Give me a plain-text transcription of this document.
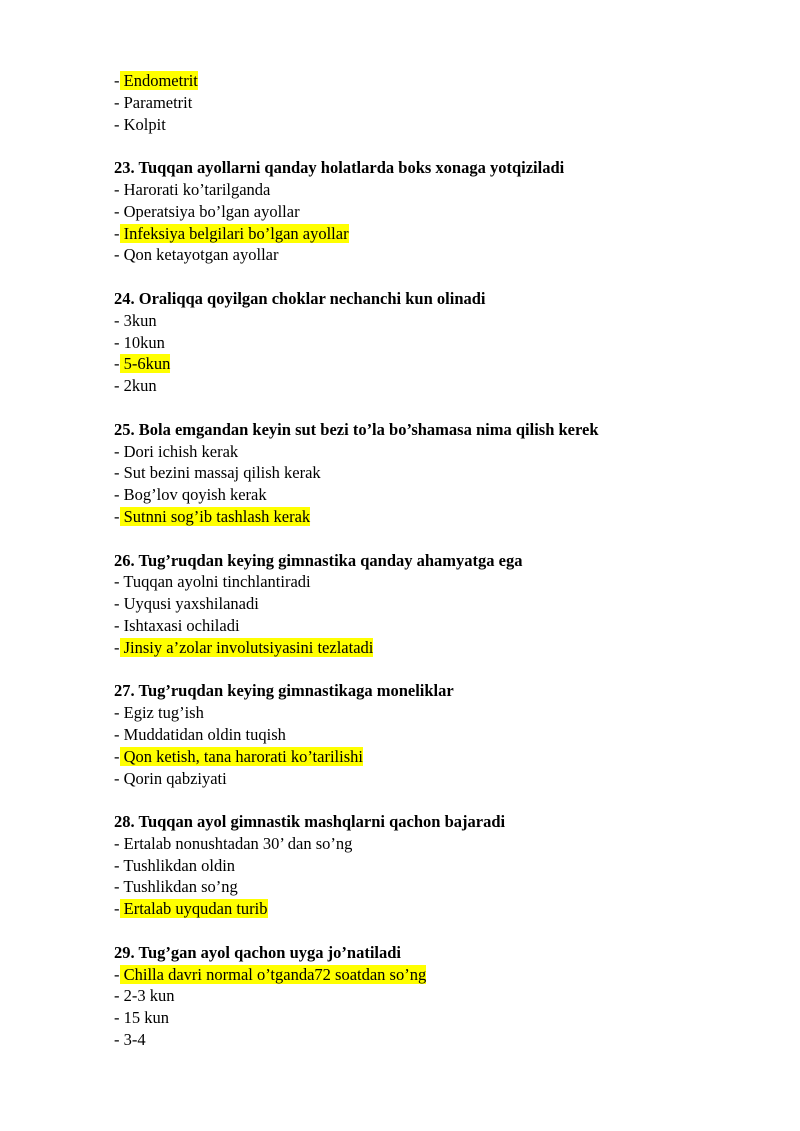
- Endometrit
- Parametrit
- Kolpit
23. Tuqqan ayollarni qanday holatlarda boks xonaga yotqiziladi
- Harorati ko’tarilganda
- Operatsiya bo’lgan ayollar
- Infeksiya belgilari bo’lgan ayollar
- Qon ketayotgan ayollar
24. Oraliqqa qoyilgan choklar nechanchi kun olinadi
- 3kun
- 10kun
- 5-6kun
- 2kun
25. Bola emgandan keyin sut bezi to’la bo’shamasa nima qilish kerek
- Dori ichish kerak
- Sut bezini massaj qilish kerak
- Bog’lov qoyish kerak
- Sutnni sog’ib tashlash kerak
26. Tug’ruqdan keying gimnastika qanday ahamyatga ega
- Tuqqan ayolni tinchlantiradi
- Uyqusi yaxshilanadi
- Ishtaxasi ochiladi
- Jinsiy a’zolar involutsiyasini tezlatadi
27. Tug’ruqdan keying gimnastikaga moneliklar
- Egiz tug’ish
- Muddatidan oldin tuqish
- Qon ketish, tana harorati ko’tarilishi
- Qorin qabziyati
28. Tuqqan ayol gimnastik mashqlarni qachon bajaradi
- Ertalab nonushtadan 30’ dan so’ng
- Tushlikdan oldin
- Tushlikdan so’ng
- Ertalab uyqudan turib
29. Tug’gan ayol qachon uyga jo’natiladi
- Chilla davri normal o’tganda72 soatdan so’ng
- 2-3 kun
- 15 kun
- 3-4
